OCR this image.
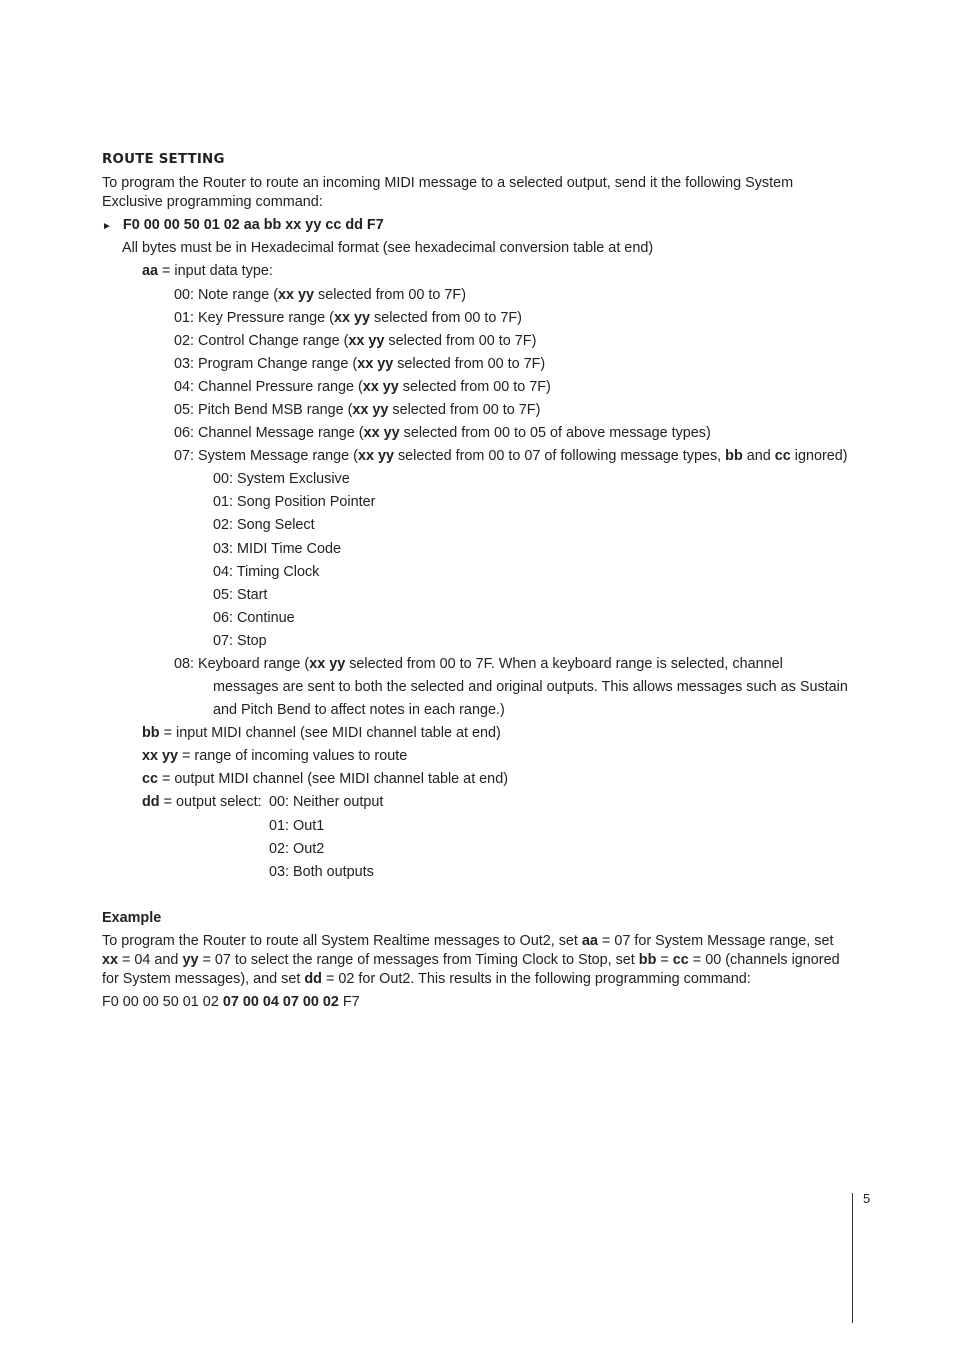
ROUTE SETTING
To program the Router to route an incoming MIDI message to a selected output, send it the following System
Exclusive programming command:
► F0 00 00 50 01 02 aa bb xx yy cc dd F7
All bytes must be in Hexadecimal format (see hexadecimal conversion table at end)
aa = input data type:
00: Note range (xx yy selected from 00 to 7F)
01: Key Pressure range (xx yy selected from 00 to 7F)
02: Control Change range (xx yy selected from 00 to 7F)
03: Program Change range (xx yy selected from 00 to 7F)
04: Channel Pressure range (xx yy selected from 00 to 7F)
05: Pitch Bend MSB range (xx yy selected from 00 to 7F)
06: Channel Message range (xx yy selected from 00 to 05 of above message types)
07: System Message range (xx yy selected from 00 to 07 of following message types, bb and cc ignored)
00: System Exclusive
01: Song Position Pointer
02: Song Select
03: MIDI Time Code
04: Timing Clock
05: Start
06: Continue
07: Stop
08: Keyboard range (xx yy selected from 00 to 7F. When a keyboard range is selected, channel
messages are sent to both the selected and original outputs. This allows messages such as Sustain
and Pitch Bend to affect notes in each range.)
bb = input MIDI channel (see MIDI channel table at end)
xx yy = range of incoming values to route
cc = output MIDI channel (see MIDI channel table at end)
dd = output select: 00: Neither output
01: Out1
02: Out2
03: Both outputs
Example
To program the Router to route all System Realtime messages to Out2, set aa = 07 for System Message range, set
xx = 04 and yy = 07 to select the range of messages from Timing Clock to Stop, set bb = cc = 00 (channels ignored
for System messages), and set dd = 02 for Out2. This results in the following programming command:
F0 00 00 50 01 02 07 00 04 07 00 02 F7
5
